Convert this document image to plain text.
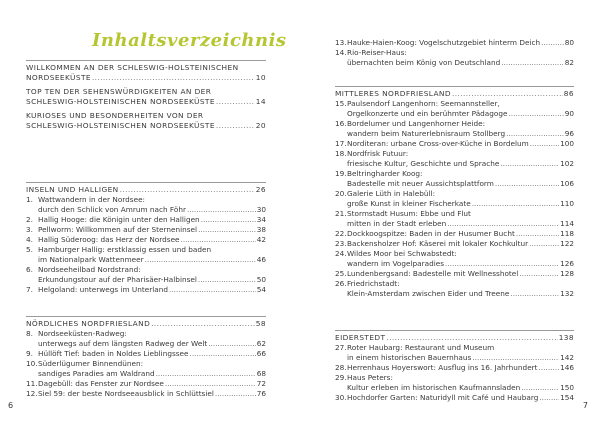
Inhaltsverzeichnis
WILLKOMMEN AN DER SCHLESWIG-HOLSTEINISCHEN
NORDSEEKÜSTE .....	10
TOP TEN DER SEHENSWÜRDIGKEITEN AN DER
SCHLESWIG-HOLSTEINISCHEN NORDSEEKÜSTE .....	14
KURIOSES UND BESONDERHEITEN VON DER
SCHLESWIG-HOLSTEINISCHEN NORDSEEKÜSTE .....	20
INSELN UND HALLIGEN .....	26
1. Wattwandern in der Nordsee:
durch den Schlick von Amrum nach Föhr .....	30
2. Hallig Hooge: die Königin unter den Halligen .....	34
3. Pellworm: Willkommen auf der Sterneninsel .....	38
4. Hallig Süderoog: das Herz der Nordsee .....	42
5. Hamburger Hallig: erstklassig essen und baden
im Nationalpark Wattenmeer .....	46
6. Nordseeheilbad Nordstrand:
Erkundungstour auf der Pharisäer-Halbinsel .....	50
7. Helgoland: unterwegs im Unterland .....	54
NÖRDLICHES NORDFRIESLAND .....	58
8. Nordseeküsten-Radweg:
unterwegs auf dem längsten Radweg der Welt .....	62
9. Hüllöft Tief: baden in Noldes Lieblingssee .....	66
10. Süderlügumer Binnendünen:
sandiges Paradies am Waldrand .....	68
11. Dagebüll: das Fenster zur Nordsee .....	72
12. Siel 59: der beste Nordseeausblick in Schlüttsiel .....	76
6
13. Hauke-Haien-Koog: Vogelschutzgebiet hinterm Deich .....	80
14. Rio-Reiser-Haus:
übernachten beim König von Deutschland .....	82
MITTLERES NORDFRIESLAND .....	86
15. Paulsendorf Langenhorn: Seemannsteller,
Orgelkonzerte und ein berühmter Pädagoge .....	90
16. Bordelumer und Langenhorner Heide:
wandern beim Naturerlebnisraum Stollberg .....	96
17. Norditeran: urbane Cross-over-Küche in Bordelum .....	100
18. Nordfrisk Futuur:
friesische Kultur, Geschichte und Sprache .....	102
19. Beltringharder Koog:
Badestelle mit neuer Aussichtsplattform .....	106
20. Galerie Lüth in Halebüll:
große Kunst in kleiner Fischerkate .....	110
21. Stormstadt Husum: Ebbe und Flut
mitten in der Stadt erleben .....	114
22. Dockkoogspitze: Baden in der Husumer Bucht .....	118
23. Backensholzer Hof: Käserei mit lokaler Kochkultur .....	122
24. Wildes Moor bei Schwabstedt:
wandern im Vogelparadies .....	126
25. Lundenbergsand: Badestelle mit Wellnesshotel .....	128
26. Friedrichstadt:
Klein-Amsterdam zwischen Eider und Treene .....	132
EIDERSTEDT .....	138
27. Roter Haubarg: Restaurant und Museum
in einem historischen Bauernhaus .....	142
28. Herrenhaus Hoyerswort: Ausflug ins 16. Jahrhundert .....	146
29. Haus Peters:
Kultur erleben im historischen Kaufmannsladen .....	150
30. Hochdorfer Garten: Naturidyll mit Café und Haubarg .....	154
7
